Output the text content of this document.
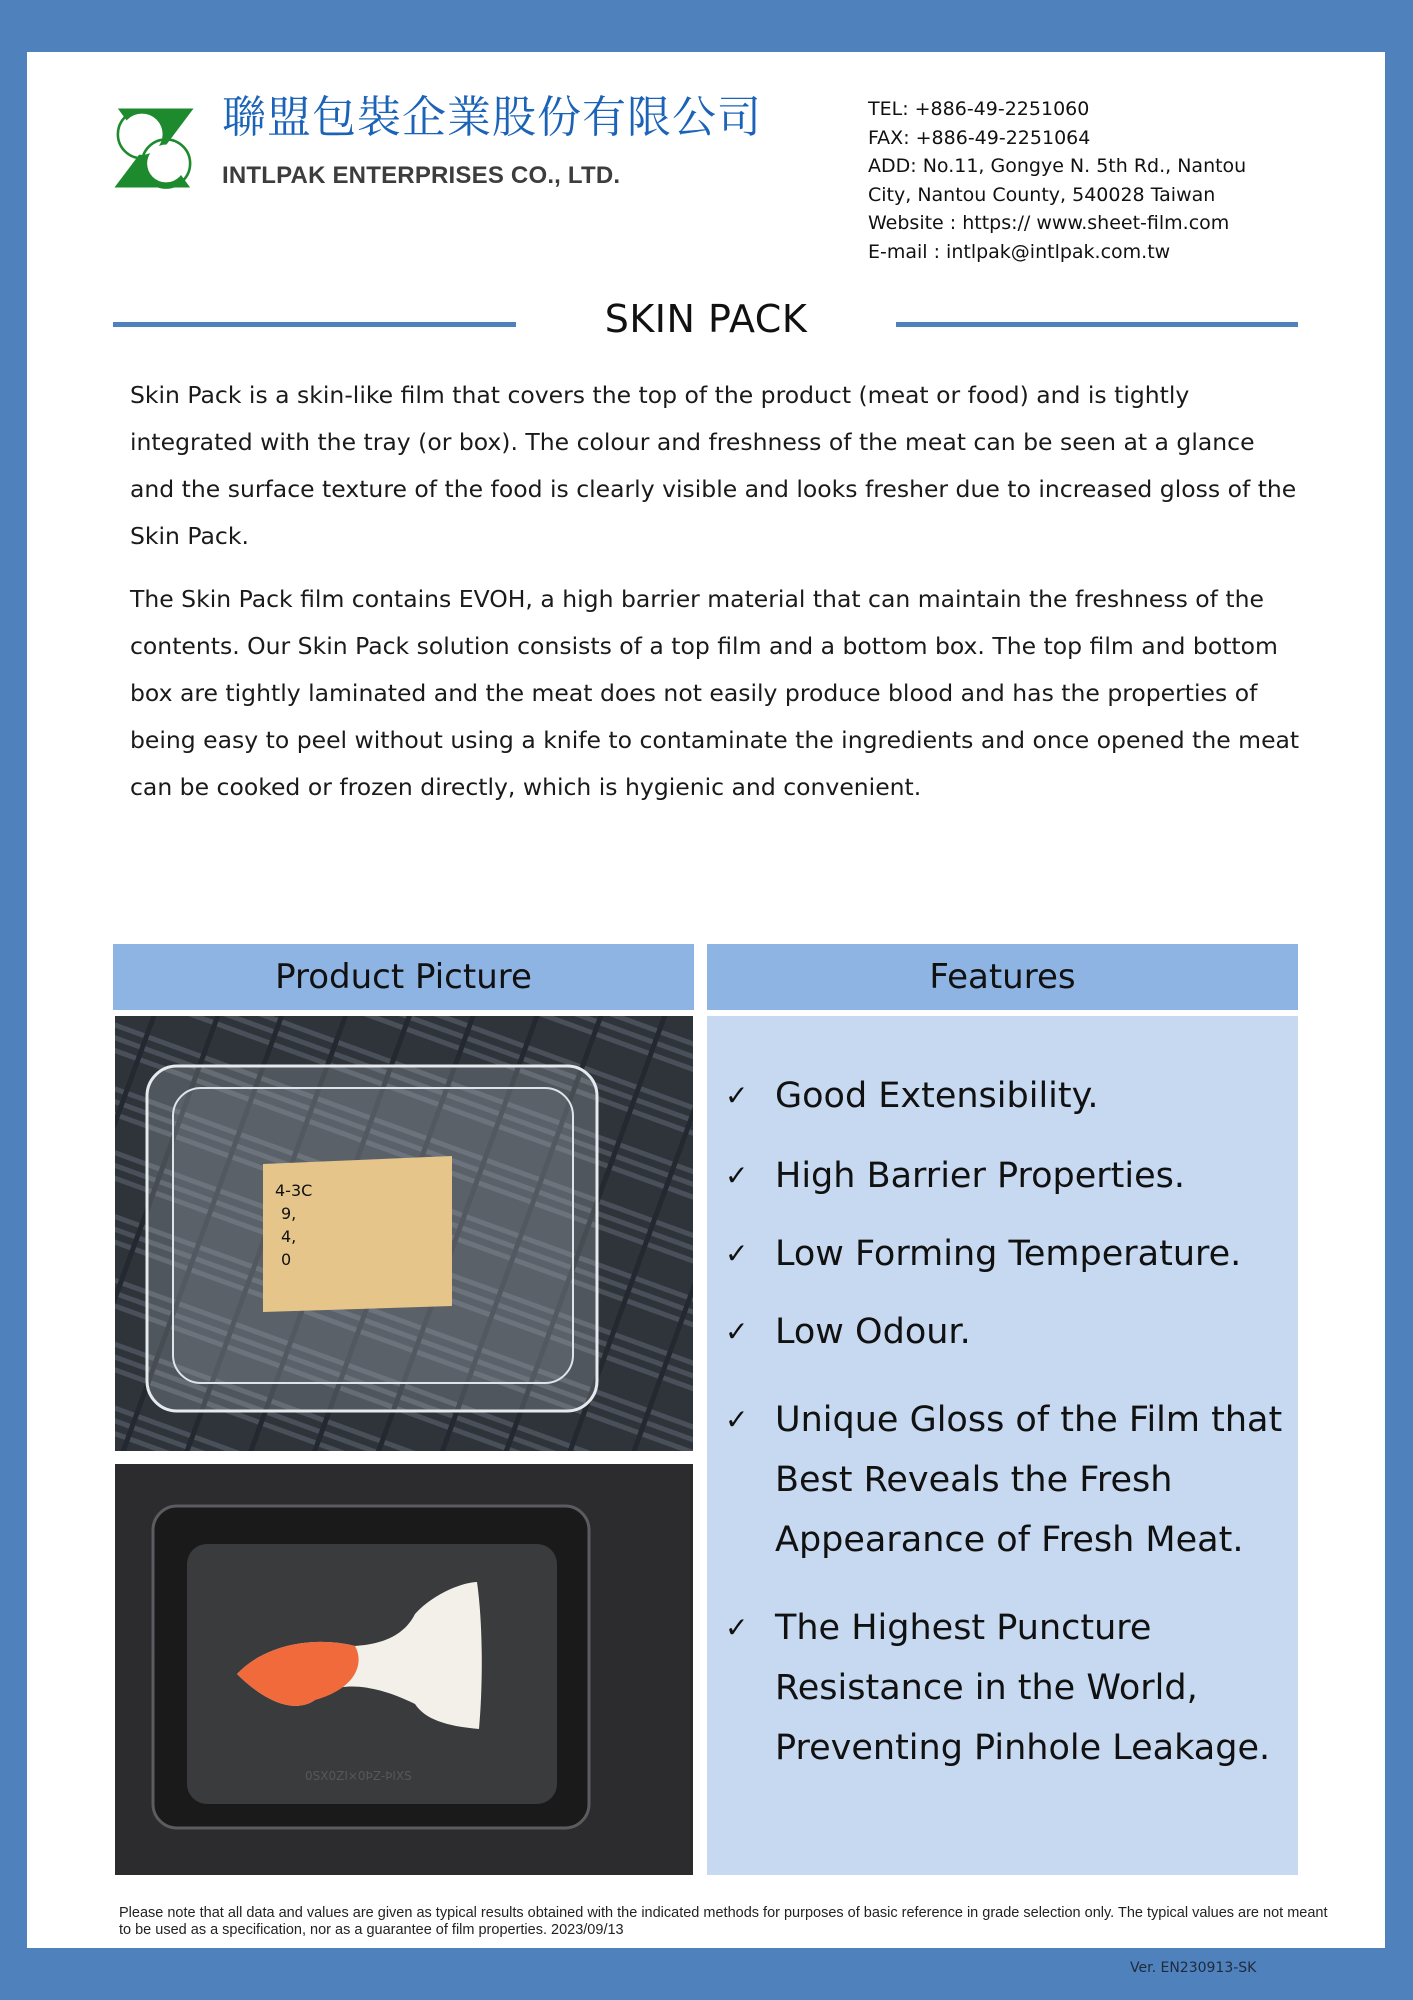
聯盟包裝企業股份有限公司
INTLPAK ENTERPRISES CO., LTD.
TEL: +886-49-2251060
FAX: +886-49-2251064
ADD: No.11, Gongye N. 5th Rd., Nantou
City, Nantou County, 540028 Taiwan
Website : https:// www.sheet-film.com
E-mail : intlpak@intlpak.com.tw
SKIN PACK

Skin Pack is a skin-like film that covers the top of the product (meat or food) and is tightly integrated with the tray (or box). The colour and freshness of the meat can be seen at a glance and the surface texture of the food is clearly visible and looks fresher due to increased gloss of the Skin Pack.

The Skin Pack film contains EVOH, a high barrier material that can maintain the freshness of the contents. Our Skin Pack solution consists of a top film and a bottom box. The top film and bottom box are tightly laminated and the meat does not easily produce blood and has the properties of being easy to peel without using a knife to contaminate the ingredients and once opened the meat can be cooked or frozen directly, which is hygienic and convenient.

Product Picture	Features
4-3C
9,
4,
0
0SX0ZI×0ÞZ-ÞIXS
✓ Good Extensibility.
✓ High Barrier Properties.
✓ Low Forming Temperature.
✓ Low Odour.
✓ Unique Gloss of the Film that Best Reveals the Fresh Appearance of Fresh Meat.
✓ The Highest Puncture Resistance in the World, Preventing Pinhole Leakage.
Please note that all data and values are given as typical results obtained with the indicated methods for purposes of basic reference in grade selection only. The typical values are not meant to be used as a specification, nor as a guarantee of film properties. 2023/09/13
Ver. EN230913-SK
